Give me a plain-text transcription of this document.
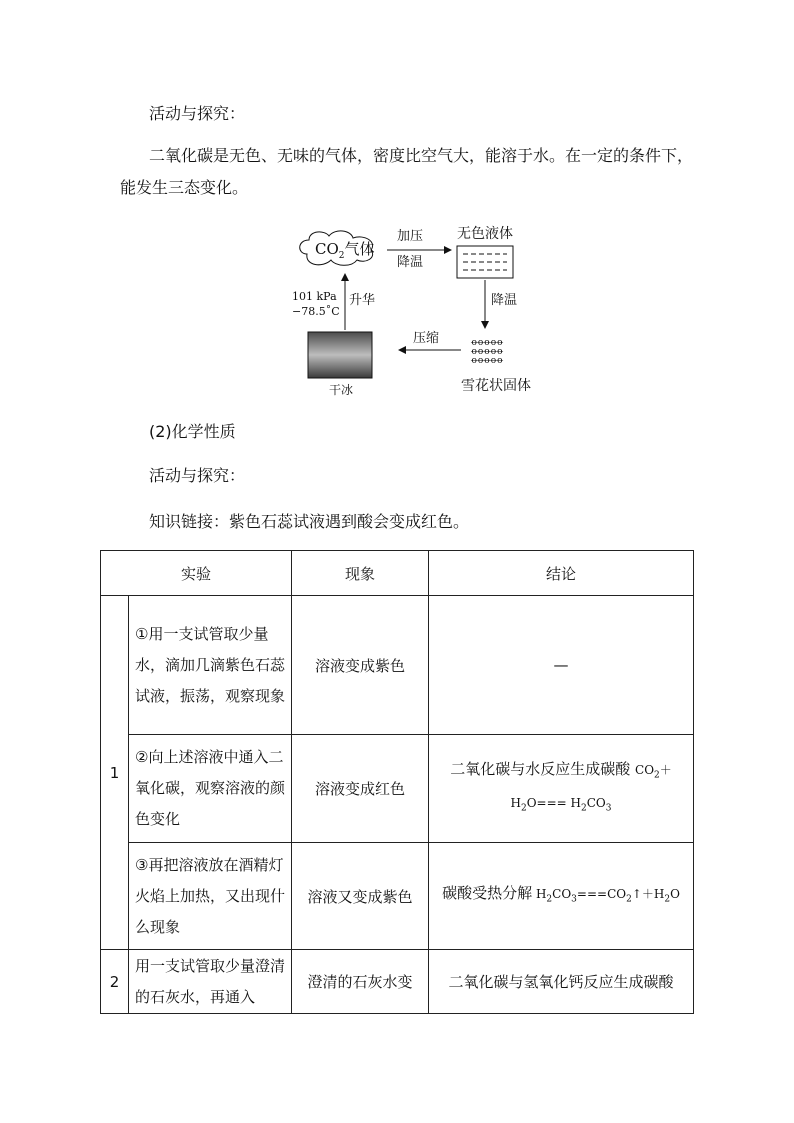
活动与探究：
二氧化碳是无色、无味的气体，密度比空气大，能溶于水。在一定的条件下，
能发生三态变化。
$CO_2$气体
加压
降温
无色液体
降温
ꝋꝋꝋꝋꝋ
ꝋꝋꝋꝋꝋ
ꝋꝋꝋꝋꝋ
雪花状固体
压缩
干冰
升华
101 kPa
−78.5˚C
(2)化学性质
活动与探究：
知识链接：紫色石蕊试液遇到酸会变成红色。
实验		现象	结论
1	①用一支试管取少量水，滴加几滴紫色石蕊试液，振荡，观察现象	溶液变成紫色	—
	②向上述溶液中通入二氧化碳，观察溶液的颜色变化	溶液变成红色	二氧化碳与水反应生成碳酸 $CO_2+$
$H_2O=== H_2CO_3$
	③再把溶液放在酒精灯火焰上加热，又出现什么现象	溶液又变成紫色	碳酸受热分解 $H_2CO_3===CO_2↑+H_2O$
2	用一支试管取少量澄清的石灰水，再通入	澄清的石灰水变	二氧化碳与氢氧化钙反应生成碳酸
